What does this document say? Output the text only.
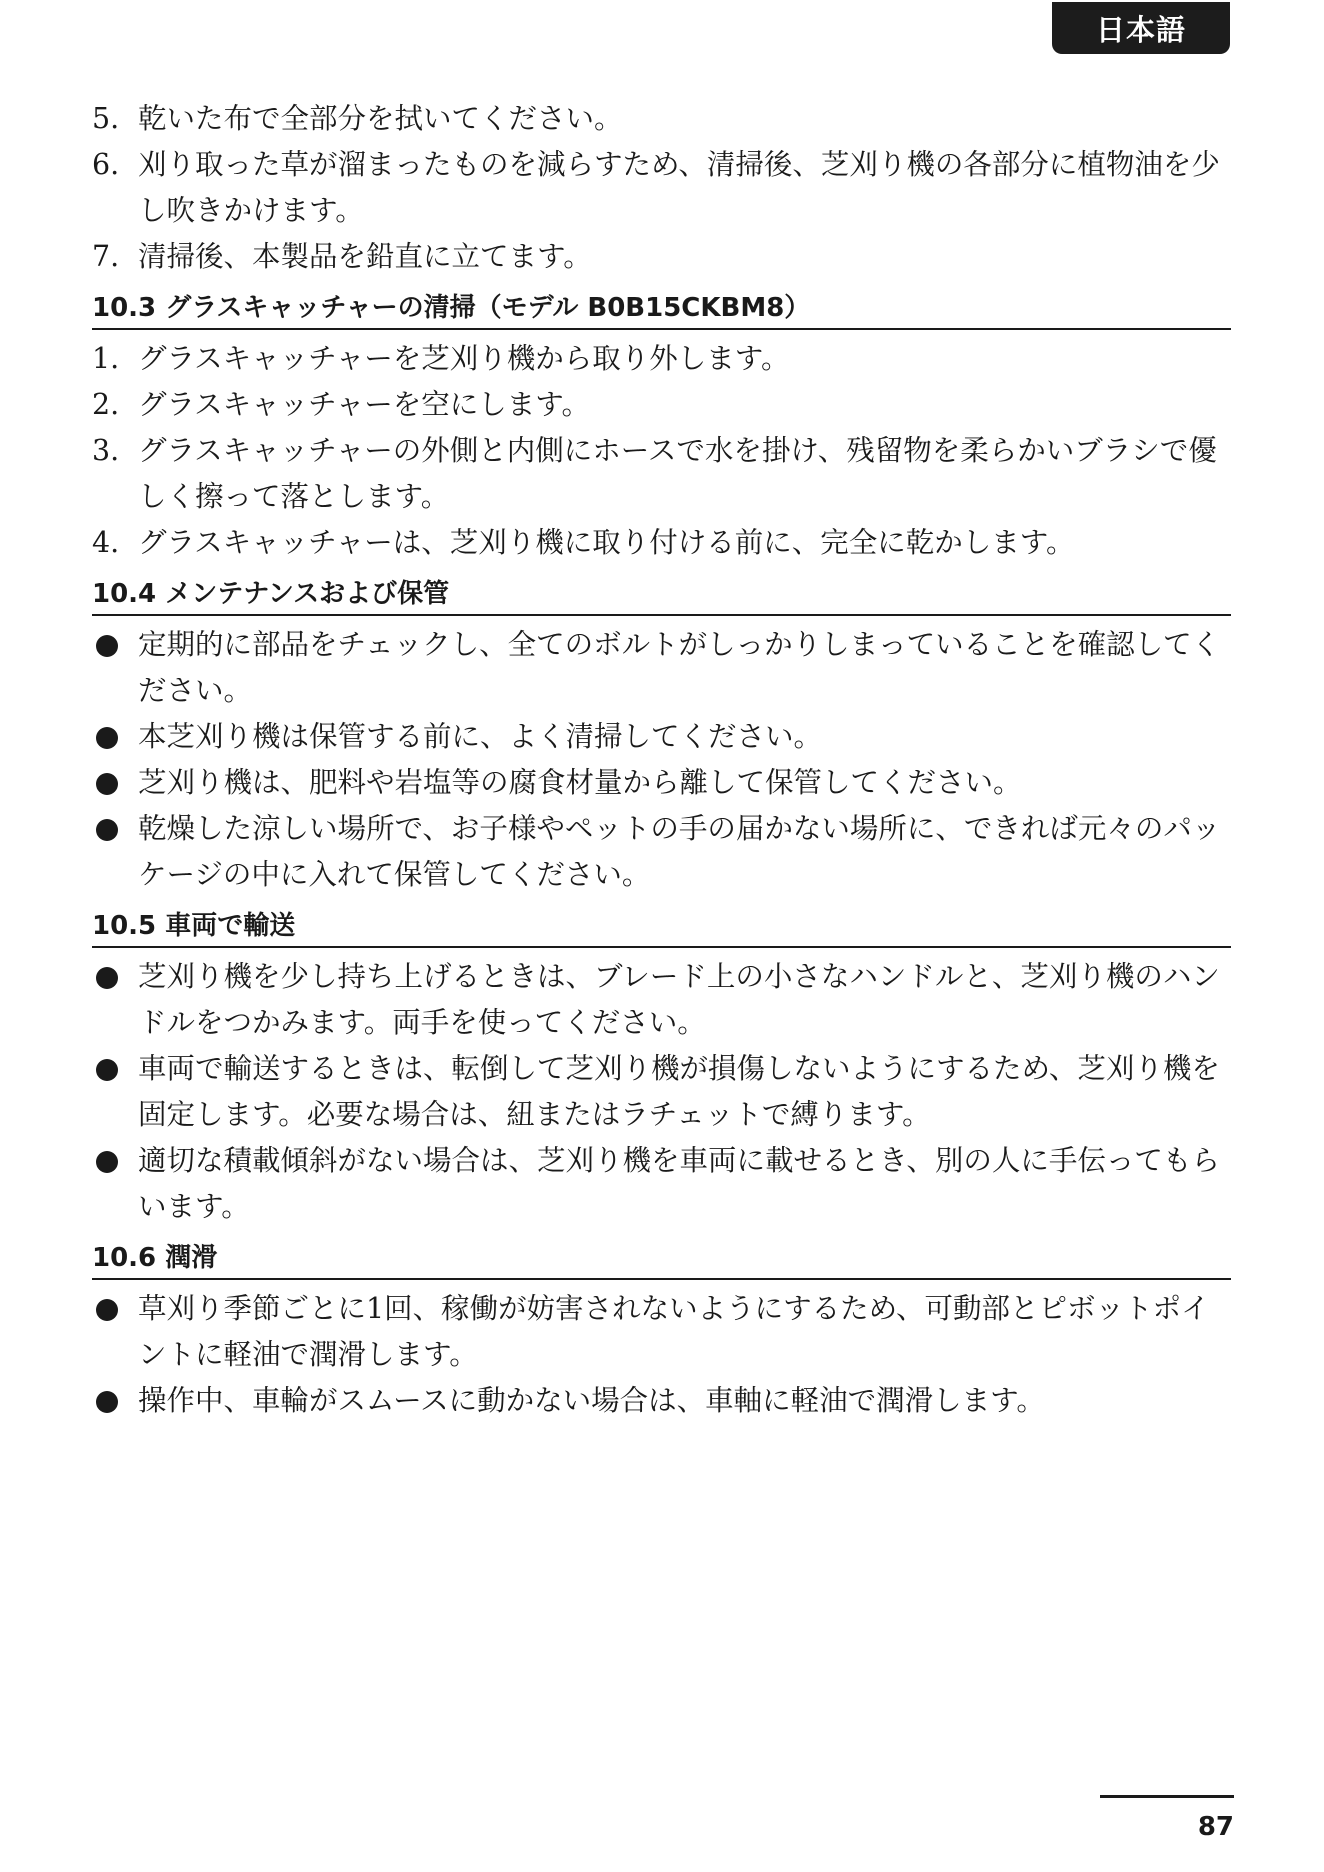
日本語

5. 乾いた布で全部分を拭いてください。

6. 刈り取った草が溜まったものを減らすため、清掃後、芝刈り機の各部分に植物油を少し吹きかけます。

7. 清掃後、本製品を鉛直に立てます。

10.3 グラスキャッチャーの清掃（モデル B0B15CKBM8）

1. グラスキャッチャーを芝刈り機から取り外します。

2. グラスキャッチャーを空にします。

3. グラスキャッチャーの外側と内側にホースで水を掛け、残留物を柔らかいブラシで優しく擦って落とします。

4. グラスキャッチャーは、芝刈り機に取り付ける前に、完全に乾かします。

10.4 メンテナンスおよび保管

定期的に部品をチェックし、全てのボルトがしっかりしまっていることを確認してください。

本芝刈り機は保管する前に、よく清掃してください。

芝刈り機は、肥料や岩塩等の腐食材量から離して保管してください。

乾燥した涼しい場所で、お子様やペットの手の届かない場所に、できれば元々のパッケージの中に入れて保管してください。

10.5 車両で輸送

芝刈り機を少し持ち上げるときは、ブレード上の小さなハンドルと、芝刈り機のハンドルをつかみます。両手を使ってください。

車両で輸送するときは、転倒して芝刈り機が損傷しないようにするため、芝刈り機を固定します。必要な場合は、紐またはラチェットで縛ります。

適切な積載傾斜がない場合は、芝刈り機を車両に載せるとき、別の人に手伝ってもらいます。

10.6 潤滑

草刈り季節ごとに1回、稼働が妨害されないようにするため、可動部とピボットポイントに軽油で潤滑します。

操作中、車輪がスムースに動かない場合は、車軸に軽油で潤滑します。

87
